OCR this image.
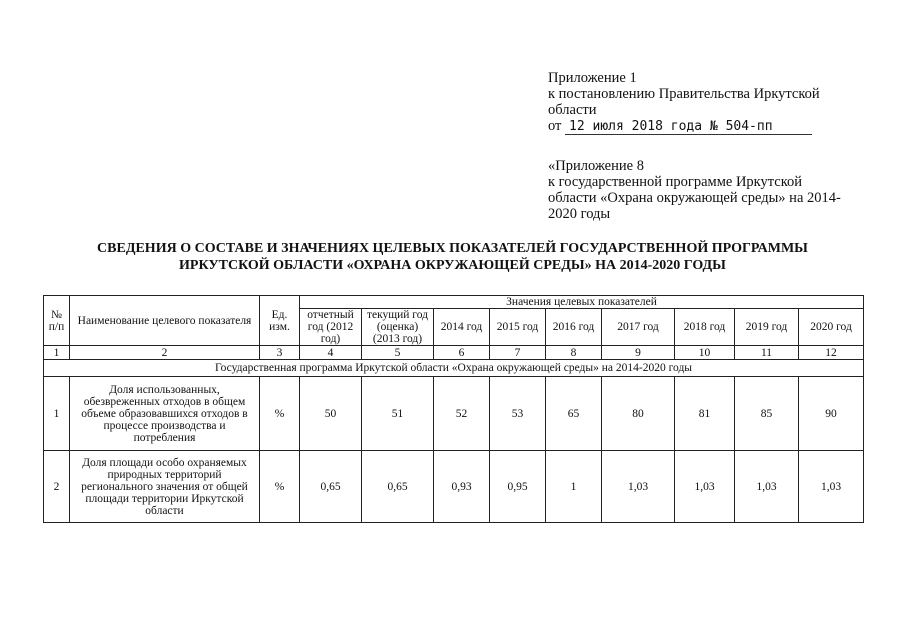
Приложение 1
к постановлению Правительства Иркутской области
от 12 июля 2018 года № 504-пп
«Приложение 8
к государственной программе Иркутской области «Охрана окружающей среды» на 2014-2020 годы
СВЕДЕНИЯ О СОСТАВЕ И ЗНАЧЕНИЯХ ЦЕЛЕВЫХ ПОКАЗАТЕЛЕЙ ГОСУДАРСТВЕННОЙ ПРОГРАММЫ
ИРКУТСКОЙ ОБЛАСТИ «ОХРАНА ОКРУЖАЮЩЕЙ СРЕДЫ» НА 2014-2020 ГОДЫ
№ п/п	Наименование целевого показателя	Ед. изм.	Значения целевых показателей								
			отчетный год (2012 год)	текущий год (оценка) (2013 год)	2014 год	2015 год	2016 год	2017 год	2018 год	2019 год	2020 год
1	2	3	4	5	6	7	8	9	10	11	12
Государственная программа Иркутской области «Охрана окружающей среды» на 2014-2020 годы											
1	Доля использованных, обезвреженных отходов в общем объеме образовавшихся отходов в процессе производства и потребления	%	50	51	52	53	65	80	81	85	90
2	Доля площади особо охраняемых природных территорий регионального значения от общей площади территории Иркутской области	%	0,65	0,65	0,93	0,95	1	1,03	1,03	1,03	1,03
